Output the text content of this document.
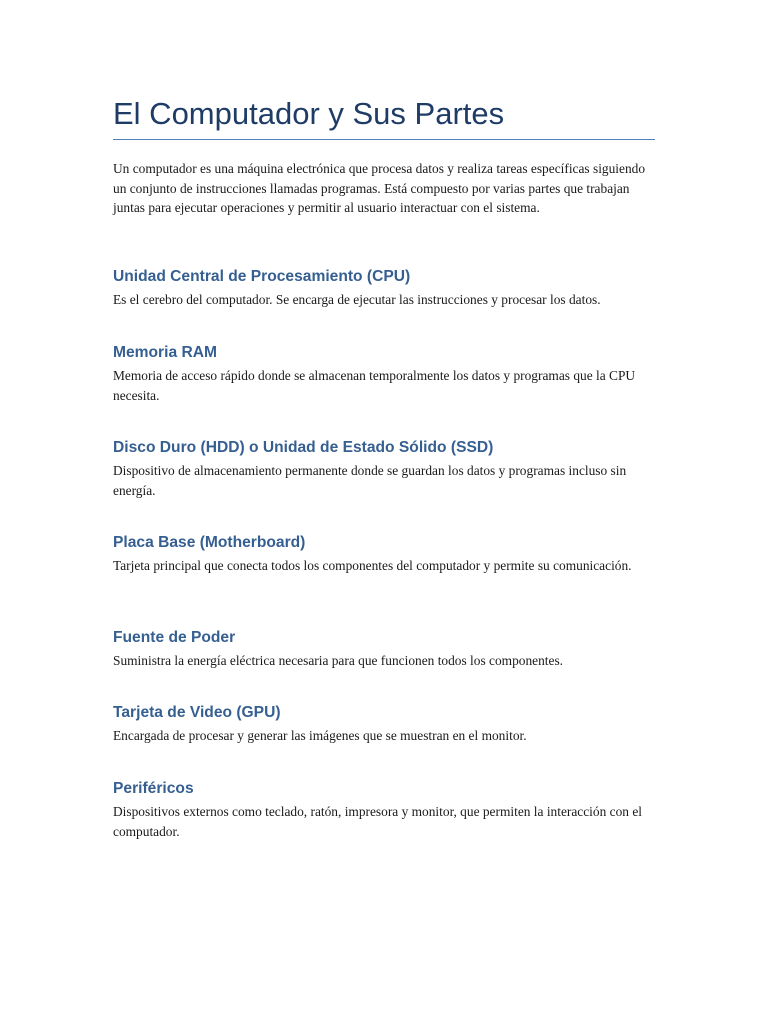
El Computador y Sus Partes

Un computador es una máquina electrónica que procesa datos y realiza tareas específicas siguiendo un conjunto de instrucciones llamadas programas. Está compuesto por varias partes que trabajan juntas para ejecutar operaciones y permitir al usuario interactuar con el sistema.

Unidad Central de Procesamiento (CPU)

Es el cerebro del computador. Se encarga de ejecutar las instrucciones y procesar los datos.

Memoria RAM

Memoria de acceso rápido donde se almacenan temporalmente los datos y programas que la CPU necesita.

Disco Duro (HDD) o Unidad de Estado Sólido (SSD)

Dispositivo de almacenamiento permanente donde se guardan los datos y programas incluso sin energía.

Placa Base (Motherboard)

Tarjeta principal que conecta todos los componentes del computador y permite su comunicación.

Fuente de Poder

Suministra la energía eléctrica necesaria para que funcionen todos los componentes.

Tarjeta de Video (GPU)

Encargada de procesar y generar las imágenes que se muestran en el monitor.

Periféricos

Dispositivos externos como teclado, ratón, impresora y monitor, que permiten la interacción con el computador.
